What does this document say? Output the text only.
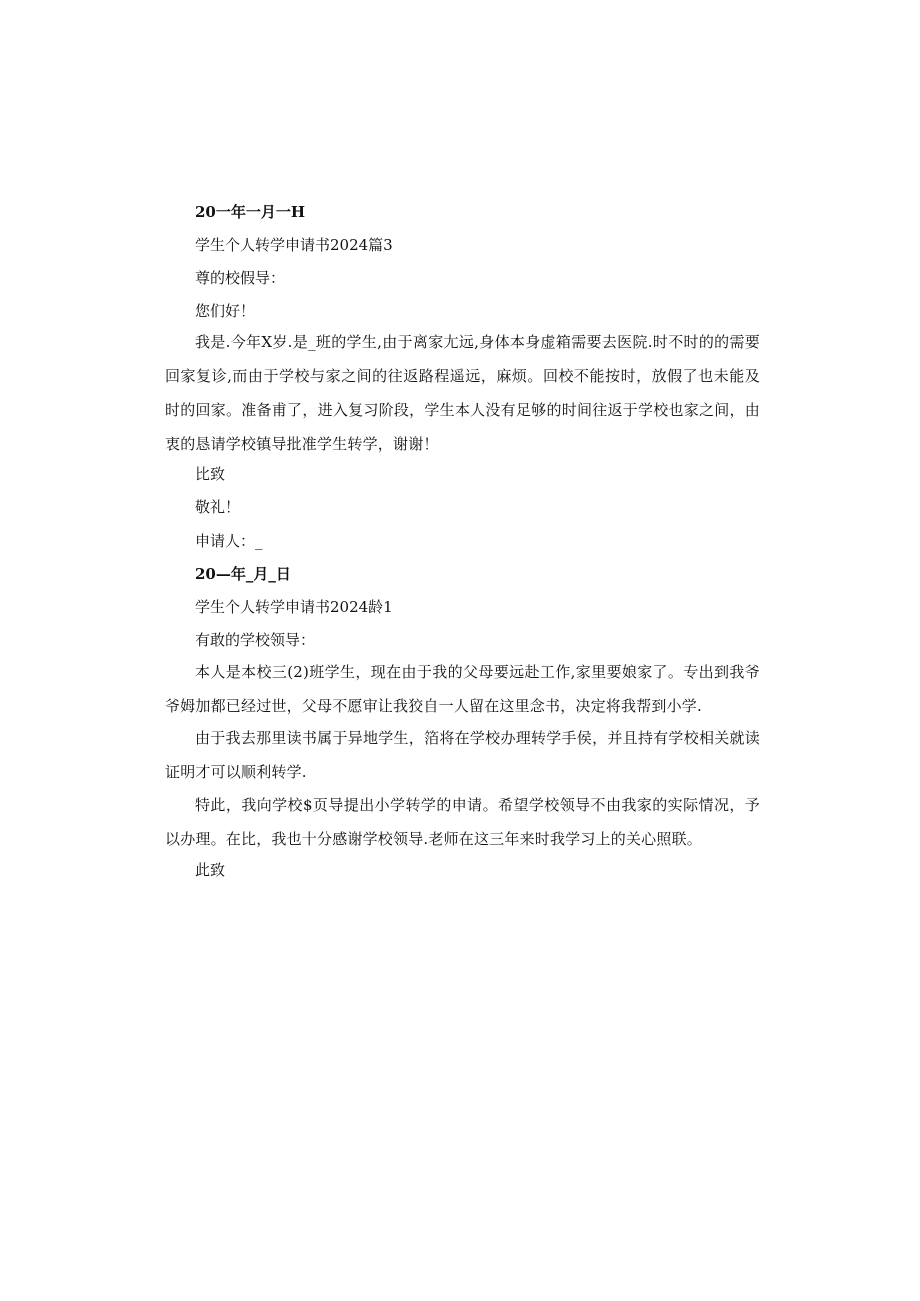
20一年一月一H
学生个人转学申请书2024篇3
尊的校假导：
您们好！
我是.今年X岁.是_班的学生,由于离家尢远,身体本身虚箱需要去医院.时不时的的需要回家复诊,而由于学校与家之间的往返路程遥远，麻烦。回校不能按时，放假了也未能及时的回家。准备甫了，进入复习阶段，学生本人没有足够的时间往返于学校也家之间，由衷的恳请学校镇导批准学生转学，谢谢！
比致
敬礼！
申请人：_
20—年_月_日
学生个人转学申请书2024龄1
有敢的学校领导：
本人是本校三(2)班学生，现在由于我的父母要远赴工作,家里要娘家了。专出到我爷爷姆加都已经过世，父母不愿审让我狡自一人留在这里念书，决定将我帮到小学.
由于我去那里读书属于异地学生，箔将在学校办理转学手侯，并且持有学校相关就读证明才可以顺利转学.
特此，我向学校$页导提出小学转学的申请。希望学校领导不由我家的实际情况，予以办理。在比，我也十分感谢学校领导.老师在这三年来时我学习上的关心照联。
此致
